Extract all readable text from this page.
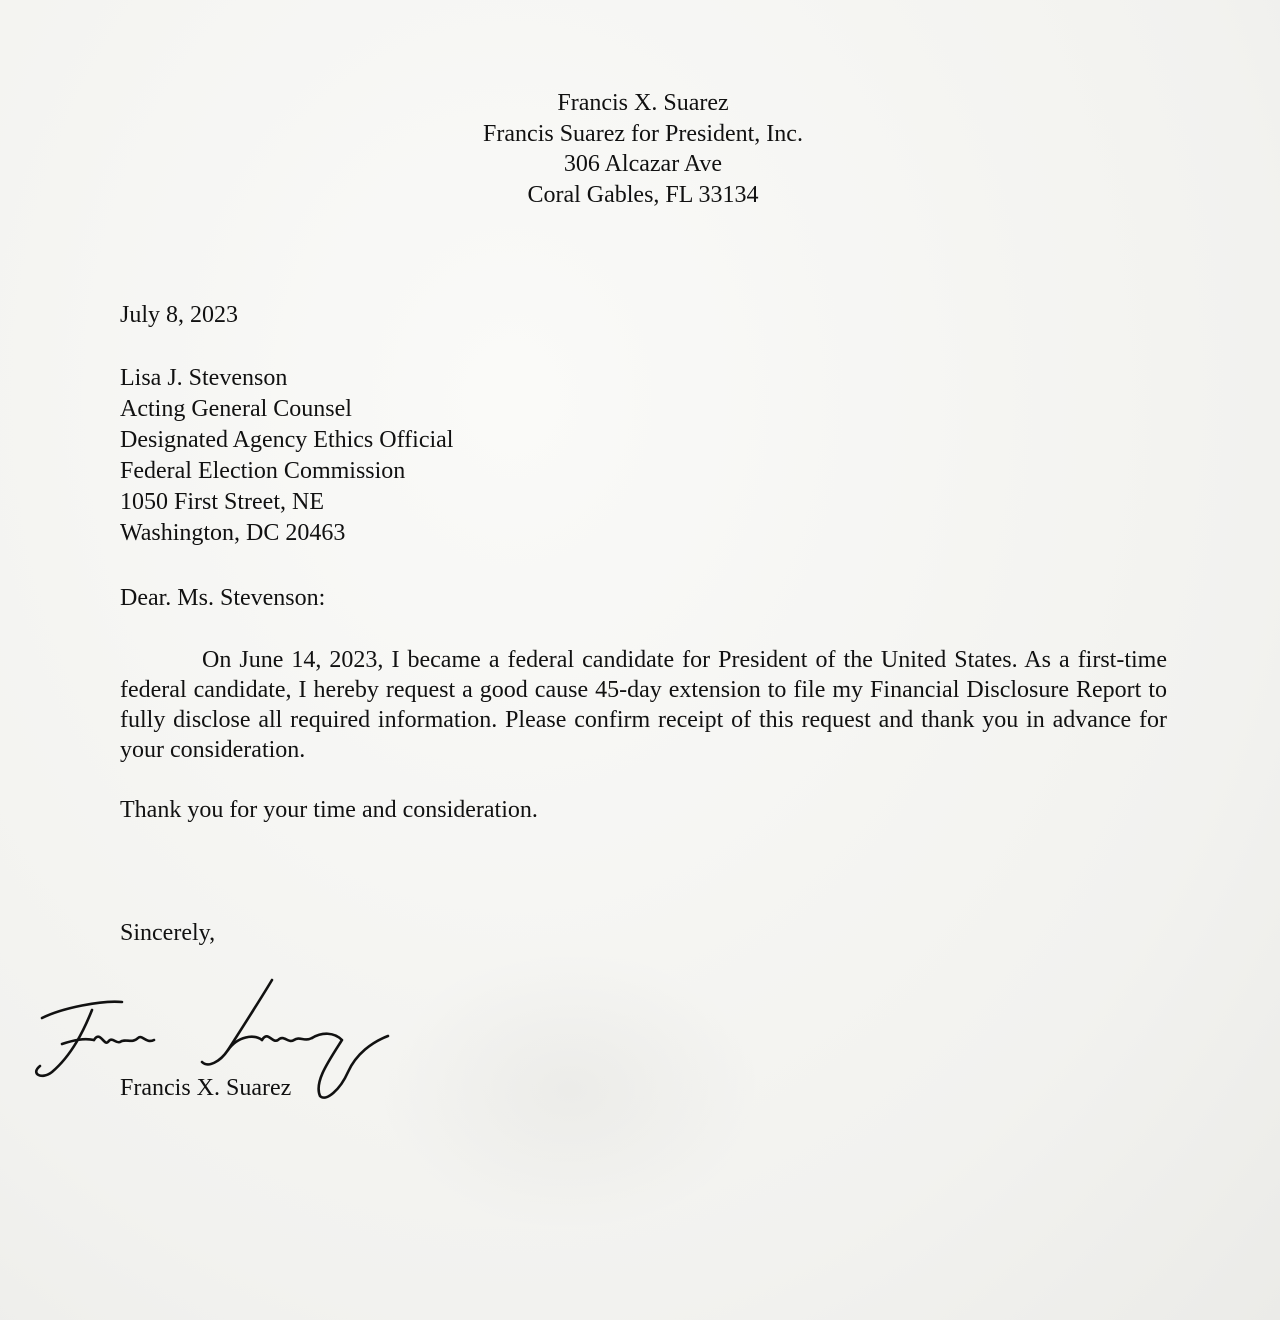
Francis X. Suarez
Francis Suarez for President, Inc.
306 Alcazar Ave
Coral Gables, FL 33134
July 8, 2023
Lisa J. Stevenson
Acting General Counsel
Designated Agency Ethics Official
Federal Election Commission
1050 First Street, NE
Washington, DC 20463
Dear. Ms. Stevenson:

On June 14, 2023, I became a federal candidate for President of the United States. As a first-time federal candidate, I hereby request a good cause 45-day extension to file my Financial Disclosure Report to fully disclose all required information. Please confirm receipt of this request and thank you in advance for your consideration.

Thank you for your time and consideration.
Sincerely,
Francis X. Suarez
